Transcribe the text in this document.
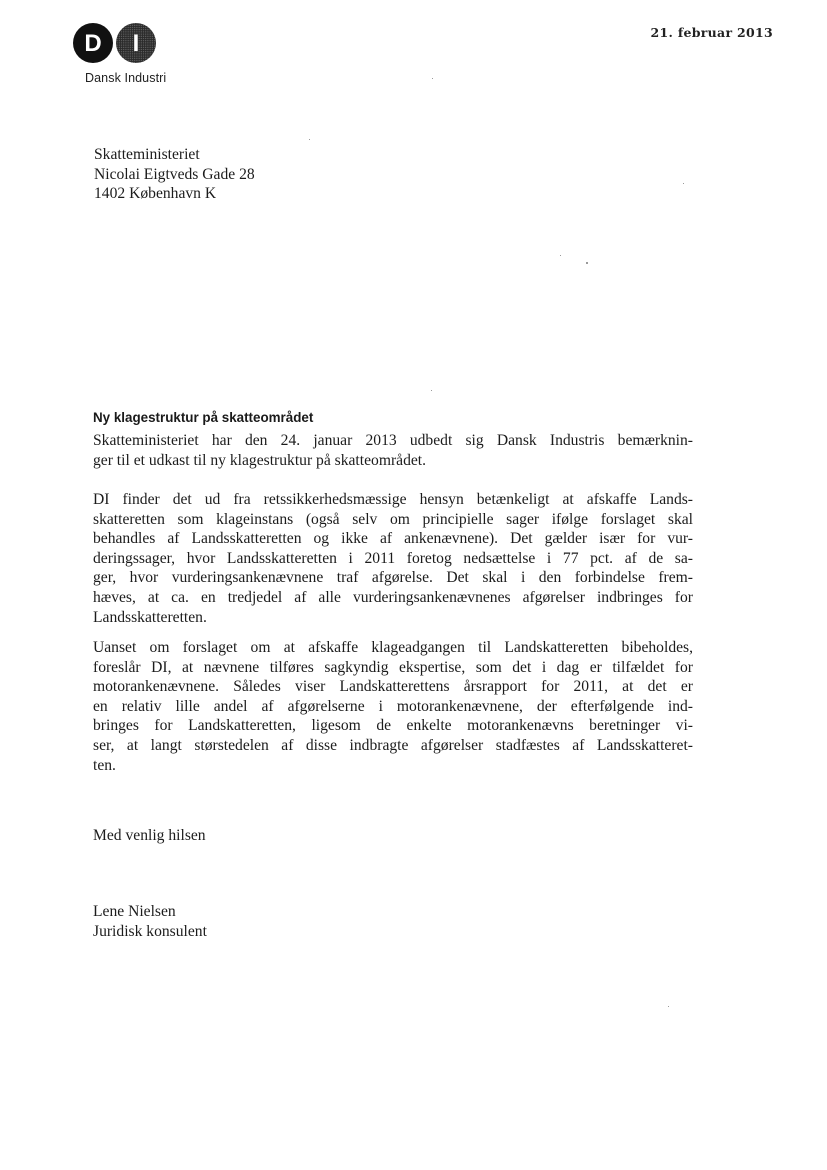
D I
Dansk Industri
21. februar 2013
Skatteministeriet
Nicolai Eigtveds Gade 28
1402 København K
Ny klagestruktur på skatteområdet
Skatteministeriet har den 24. januar 2013 udbedt sig Dansk Industris bemærknin-
ger til et udkast til ny klagestruktur på skatteområdet.
DI finder det ud fra retssikkerhedsmæssige hensyn betænkeligt at afskaffe Lands-
skatteretten som klageinstans (også selv om principielle sager ifølge forslaget skal
behandles af Landsskatteretten og ikke af ankenævnene). Det gælder især for vur-
deringssager, hvor Landsskatteretten i 2011 foretog nedsættelse i 77 pct. af de sa-
ger, hvor vurderingsankenævnene traf afgørelse. Det skal i den forbindelse frem-
hæves, at ca. en tredjedel af alle vurderingsankenævnenes afgørelser indbringes for
Landsskatteretten.
Uanset om forslaget om at afskaffe klageadgangen til Landskatteretten bibeholdes,
foreslår DI, at nævnene tilføres sagkyndig ekspertise, som det i dag er tilfældet for
motorankenævnene. Således viser Landskatterettens årsrapport for 2011, at det er
en relativ lille andel af afgørelserne i motorankenævnene, der efterfølgende ind-
bringes for Landskatteretten, ligesom de enkelte motorankenævns beretninger vi-
ser, at langt størstedelen af disse indbragte afgørelser stadfæstes af Landsskatteret-
ten.
Med venlig hilsen
Lene Nielsen
Juridisk konsulent
